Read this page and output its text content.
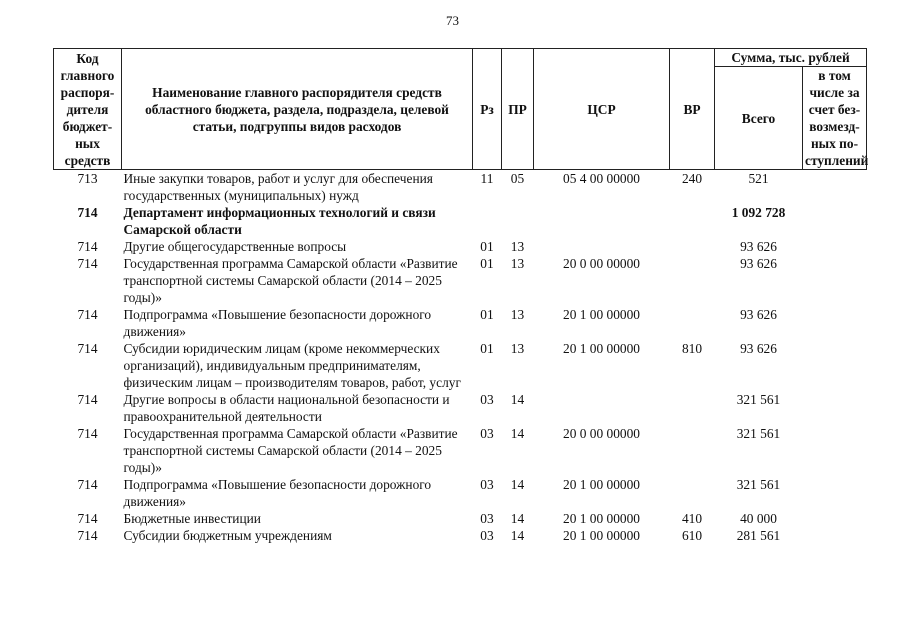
73
Код главного распоря-дителя бюджет-ных средств	Наименование главного распорядителя средств областного бюджета, раздела, подраздела, целевой статьи, подгруппы видов расходов	Рз	ПР	ЦСР	ВР	Сумма, тыс. рублей	
						Всего	в том числе за счет без-возмезд-ных по-ступлений
713	Иные закупки товаров, работ и услуг для обеспечения государственных (муниципальных) нужд	11	05	05 4 00 00000	240	521	
714	Департамент информационных технологий и связи Самарской области					1 092 728	
714	Другие общегосударственные вопросы	01	13			93 626	
714	Государственная программа Самарской области «Развитие транспортной системы Самарской области (2014 – 2025 годы)»	01	13	20 0 00 00000		93 626	
714	Подпрограмма «Повышение безопасности дорожного движения»	01	13	20 1 00 00000		93 626	
714	Субсидии юридическим лицам (кроме некоммерческих организаций), индивидуальным предпринимателям, физическим лицам – производителям товаров, работ, услуг	01	13	20 1 00 00000	810	93 626	
714	Другие вопросы в области национальной безопасности и правоохранительной деятельности	03	14			321 561	
714	Государственная программа Самарской области «Развитие транспортной системы Самарской области (2014 – 2025 годы)»	03	14	20 0 00 00000		321 561	
714	Подпрограмма «Повышение безопасности дорожного движения»	03	14	20 1 00 00000		321 561	
714	Бюджетные инвестиции	03	14	20 1 00 00000	410	40 000	
714	Субсидии бюджетным учреждениям	03	14	20 1 00 00000	610	281 561	
